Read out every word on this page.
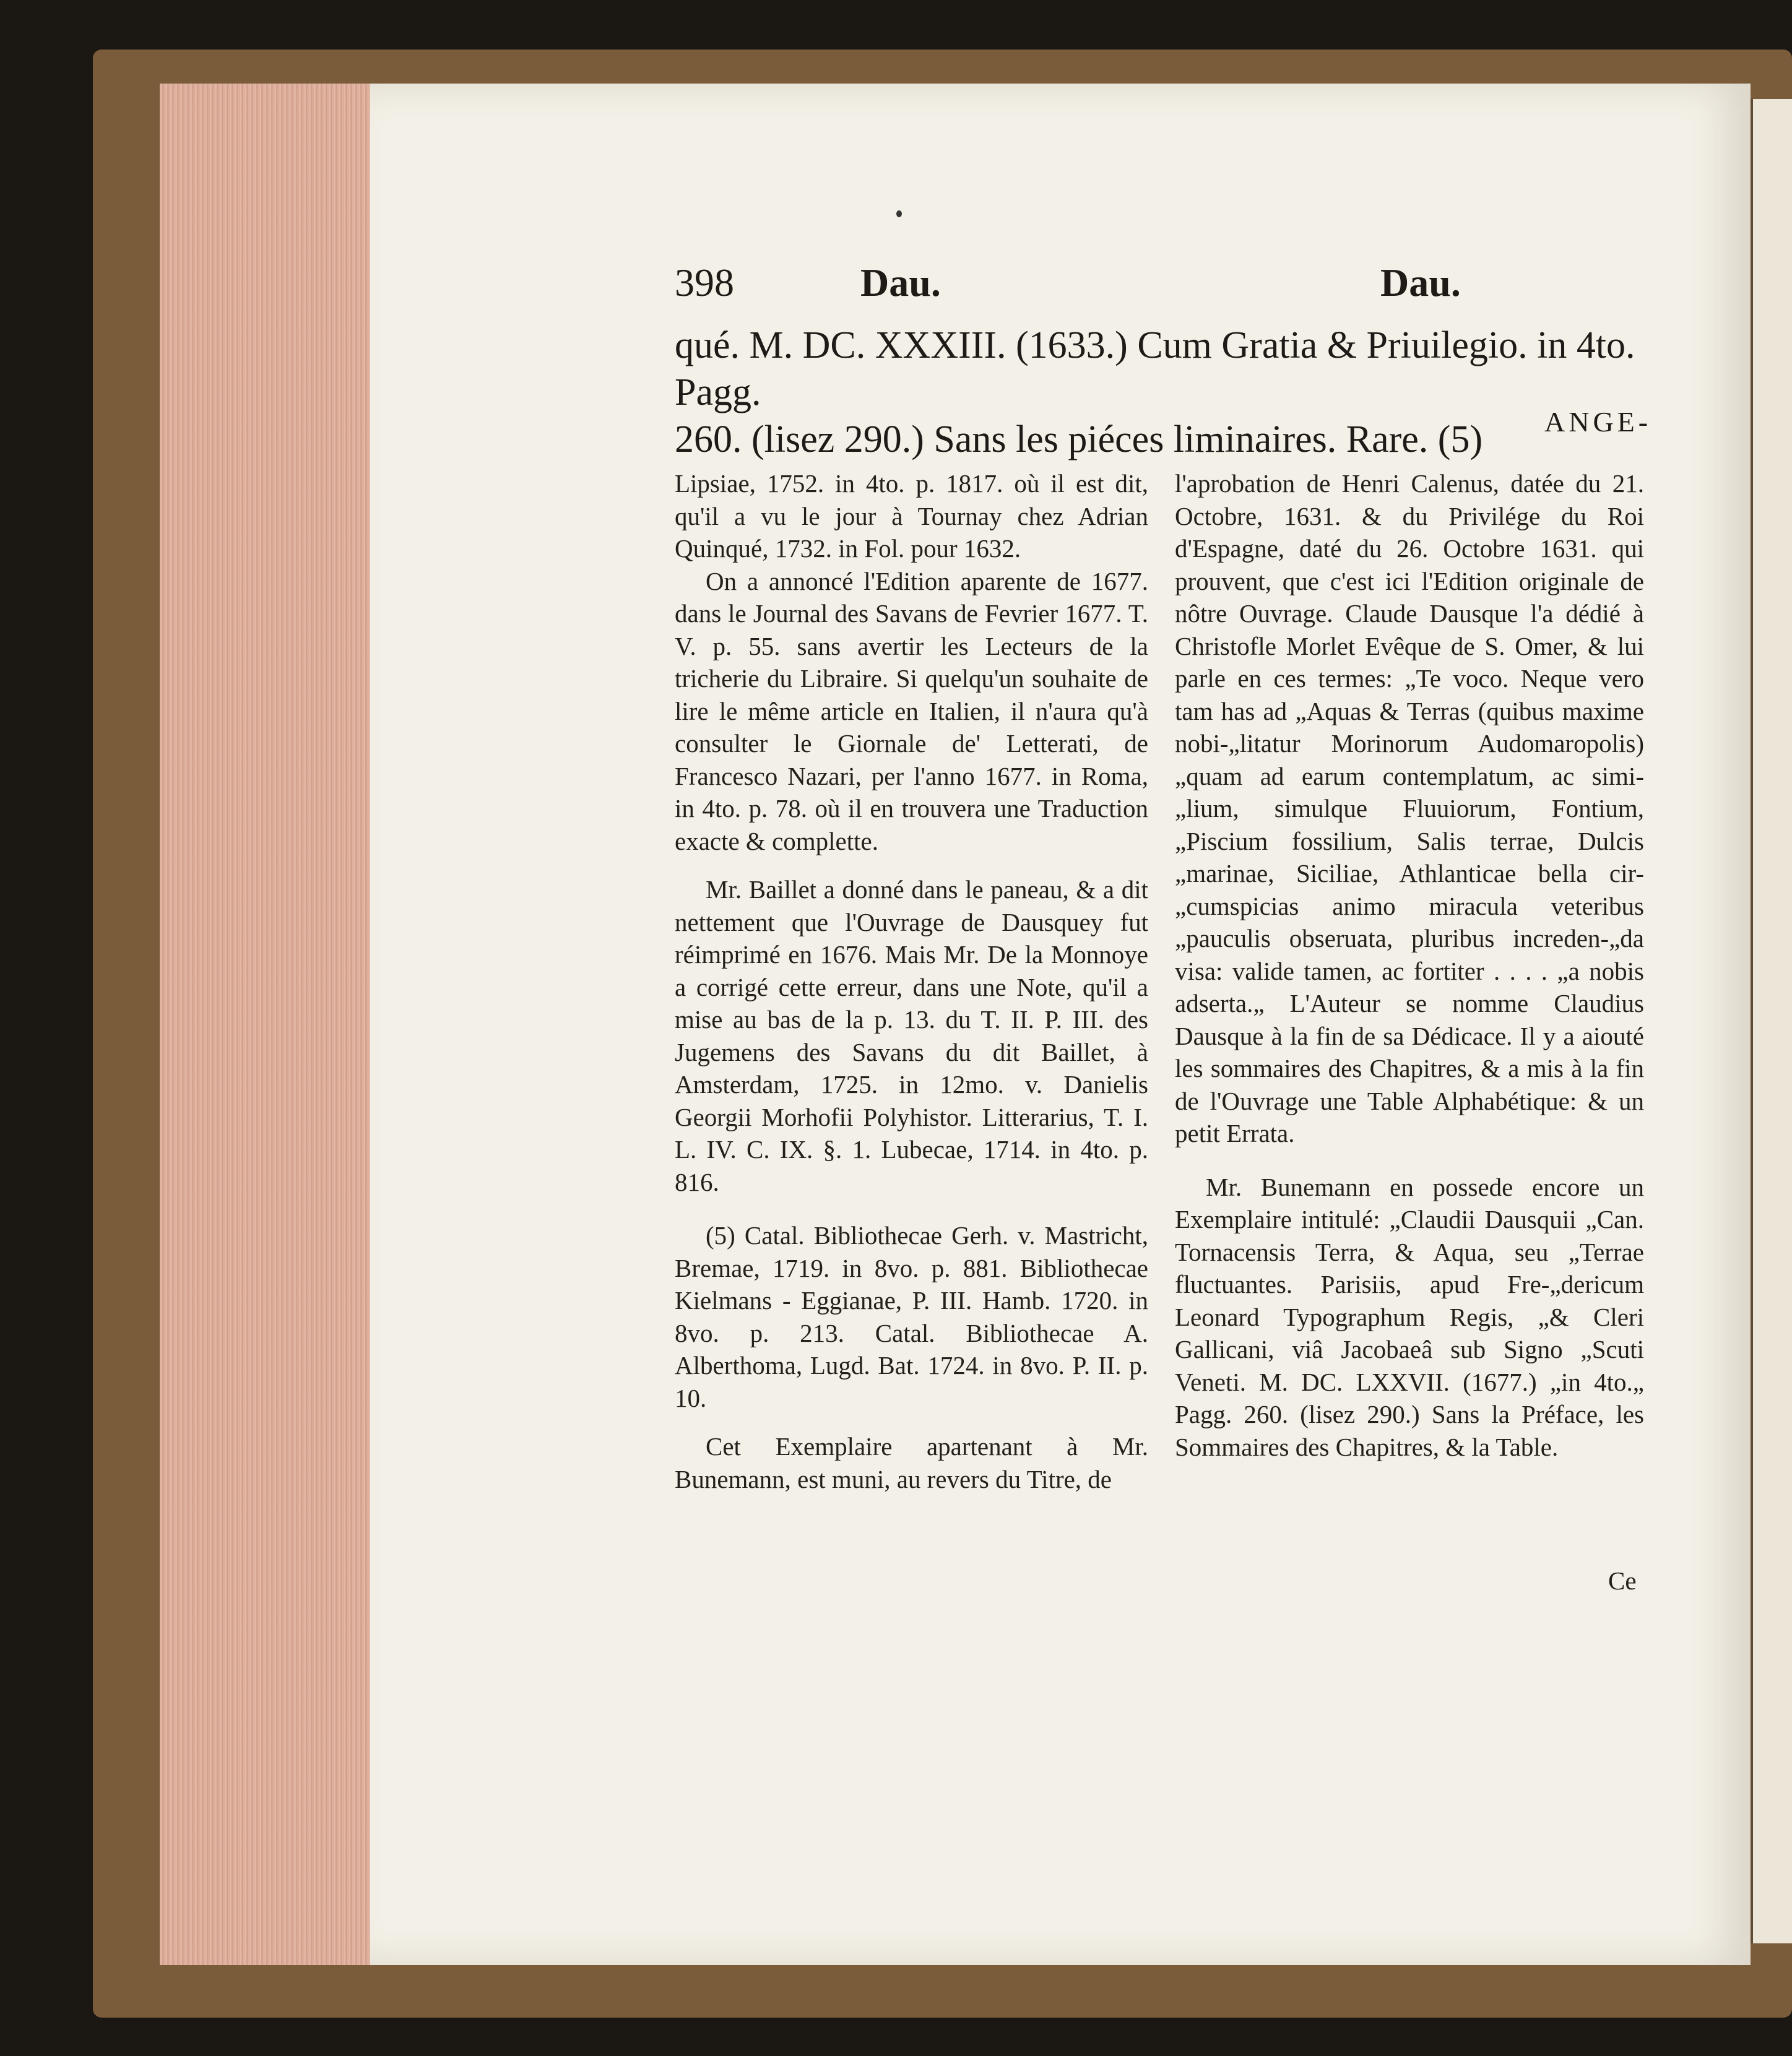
398	Dau.	Dau.
qué. M. DC. XXXIII. (1633.) Cum Gratia & Priuilegio. in 4to. Pagg.
260. (lisez 290.) Sans les piéces liminaires. Rare. (5)	ANGE-

Lipsiae, 1752. in 4to. p. 1817. où il est dit, qu'il a vu le jour à Tournay chez Adrian Quinqué, 1732. in Fol. pour 1632.

On a annoncé l'Edition aparente de 1677. dans le Journal des Savans de Fevrier 1677. T. V. p. 55. sans avertir les Lecteurs de la tricherie du Libraire. Si quelqu'un souhaite de lire le même article en Italien, il n'aura qu'à consulter le Giornale de' Letterati, de Francesco Nazari, per l'anno 1677. in Roma, in 4to. p. 78. où il en trouvera une Traduction exacte & complette.

Mr. Baillet a donné dans le paneau, & a dit nettement que l'Ouvrage de Dausquey fut réimprimé en 1676. Mais Mr. De la Monnoye a corrigé cette erreur, dans une Note, qu'il a mise au bas de la p. 13. du T. II. P. III. des Jugemens des Savans du dit Baillet, à Amsterdam, 1725. in 12mo. v. Danielis Georgii Morhofii Polyhistor. Litterarius, T. I. L. IV. C. IX. §. 1. Lubecae, 1714. in 4to. p. 816.

(5) Catal. Bibliothecae Gerh. v. Mastricht, Bremae, 1719. in 8vo. p. 881. Bibliothecae Kielmans - Eggianae, P. III. Hamb. 1720. in 8vo. p. 213. Catal. Bibliothecae A. Alberthoma, Lugd. Bat. 1724. in 8vo. P. II. p. 10.

Cet Exemplaire apartenant à Mr. Bunemann, est muni, au revers du Titre, de

l'aprobation de Henri Calenus, datée du 21. Octobre, 1631. & du Privilége du Roi d'Espagne, daté du 26. Octobre 1631. qui prouvent, que c'est ici l'Edition originale de nôtre Ouvrage. Claude Dausque l'a dédié à Christofle Morlet Evêque de S. Omer, & lui parle en ces termes: „Te voco. Neque vero tam has ad „Aquas & Terras (quibus maxime nobi-„litatur Morinorum Audomaropolis) „quam ad earum contemplatum, ac simi-„lium, simulque Fluuiorum, Fontium, „Piscium fossilium, Salis terrae, Dulcis „marinae, Siciliae, Athlanticae bella cir-„cumspicias animo miracula veteribus „pauculis obseruata, pluribus increden-„da visa: valide tamen, ac fortiter . . . . „a nobis adserta.„ L'Auteur se nomme Claudius Dausque à la fin de sa Dédicace. Il y a aiouté les sommaires des Chapitres, & a mis à la fin de l'Ouvrage une Table Alphabétique: & un petit Errata.

Mr. Bunemann en possede encore un Exemplaire intitulé: „Claudii Dausquii „Can. Tornacensis Terra, & Aqua, seu „Terrae fluctuantes. Parisiis, apud Fre-„dericum Leonard Typographum Regis, „& Cleri Gallicani, viâ Jacobaeâ sub Signo „Scuti Veneti. M. DC. LXXVII. (1677.) „in 4to.„ Pagg. 260. (lisez 290.) Sans la Préface, les Sommaires des Chapitres, & la Table.

Ce
